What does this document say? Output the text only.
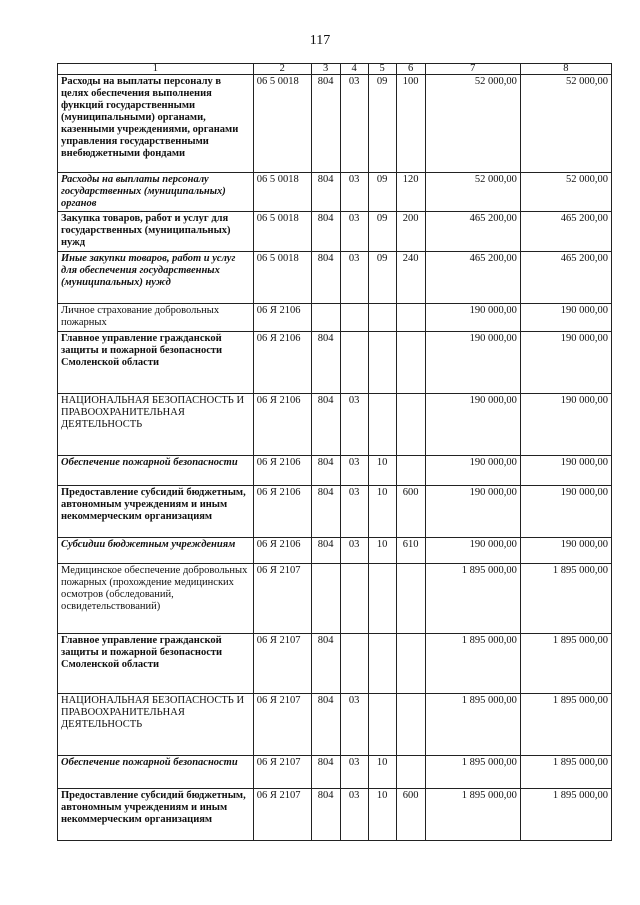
117
1	2	3	4	5	6	7	8
Расходы на выплаты персоналу в целях обеспечения выполнения функций государственными (муниципальными) органами, казенными учреждениями, органами управления государственными внебюджетными фондами	06 5 0018	804	03	09	100	52 000,00	52 000,00
Расходы на выплаты персоналу государственных (муниципальных) органов	06 5 0018	804	03	09	120	52 000,00	52 000,00
Закупка товаров, работ и услуг для государственных (муниципальных) нужд	06 5 0018	804	03	09	200	465 200,00	465 200,00
Иные закупки товаров, работ и услуг для обеспечения государственных (муниципальных) нужд	06 5 0018	804	03	09	240	465 200,00	465 200,00
Личное страхование добровольных пожарных	06 Я 2106					190 000,00	190 000,00
Главное управление гражданской защиты и пожарной безопасности Смоленской области	06 Я 2106	804				190 000,00	190 000,00
НАЦИОНАЛЬНАЯ БЕЗОПАСНОСТЬ И ПРАВООХРАНИТЕЛЬНАЯ ДЕЯТЕЛЬНОСТЬ	06 Я 2106	804	03			190 000,00	190 000,00
Обеспечение пожарной безопасности	06 Я 2106	804	03	10		190 000,00	190 000,00
Предоставление субсидий бюджетным, автономным учреждениям и иным некоммерческим организациям	06 Я 2106	804	03	10	600	190 000,00	190 000,00
Субсидии бюджетным учреждениям	06 Я 2106	804	03	10	610	190 000,00	190 000,00
Медицинское обеспечение добровольных пожарных (прохождение медицинских осмотров (обследований, освидетельствований)	06 Я 2107					1 895 000,00	1 895 000,00
Главное управление гражданской защиты и пожарной безопасности Смоленской области	06 Я 2107	804				1 895 000,00	1 895 000,00
НАЦИОНАЛЬНАЯ БЕЗОПАСНОСТЬ И ПРАВООХРАНИТЕЛЬНАЯ ДЕЯТЕЛЬНОСТЬ	06 Я 2107	804	03			1 895 000,00	1 895 000,00
Обеспечение пожарной безопасности	06 Я 2107	804	03	10		1 895 000,00	1 895 000,00
Предоставление субсидий бюджетным, автономным учреждениям и иным некоммерческим организациям	06 Я 2107	804	03	10	600	1 895 000,00	1 895 000,00
